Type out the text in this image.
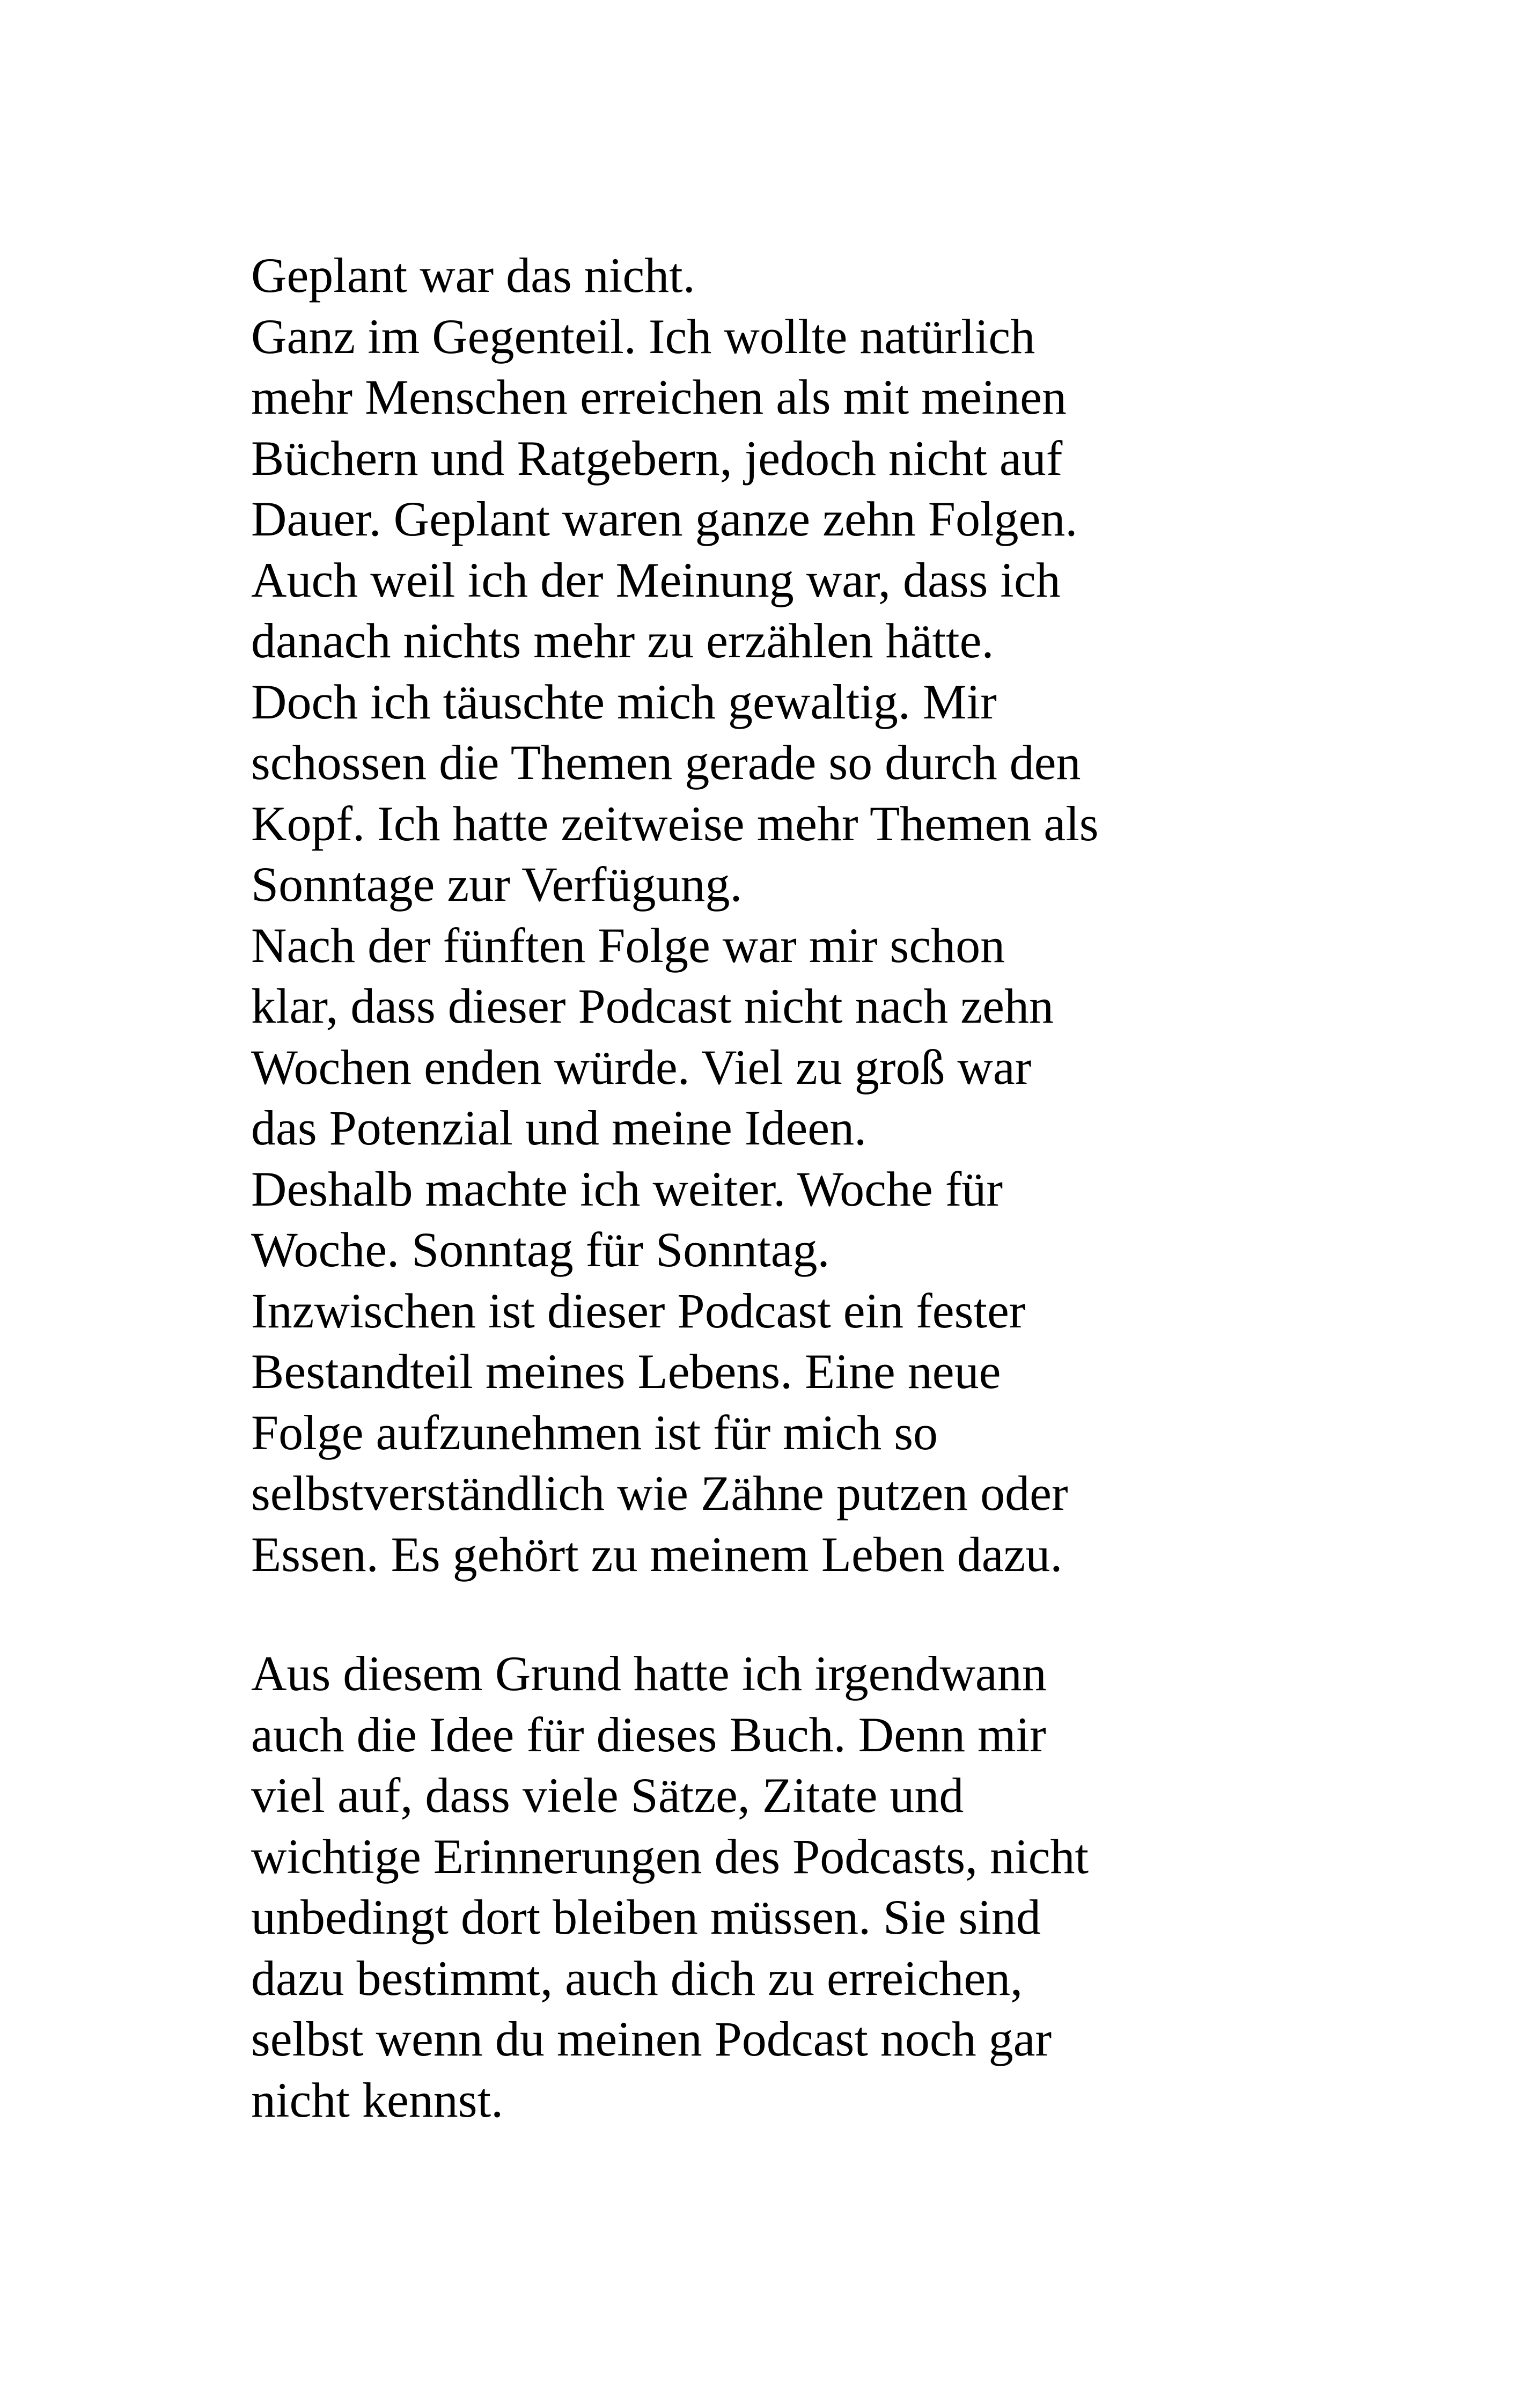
Geplant war das nicht.
Ganz im Gegenteil. Ich wollte natürlich
mehr Menschen erreichen als mit meinen
Büchern und Ratgebern, jedoch nicht auf
Dauer. Geplant waren ganze zehn Folgen.
Auch weil ich der Meinung war, dass ich
danach nichts mehr zu erzählen hätte.
Doch ich täuschte mich gewaltig. Mir
schossen die Themen gerade so durch den
Kopf. Ich hatte zeitweise mehr Themen als
Sonntage zur Verfügung.
Nach der fünften Folge war mir schon
klar, dass dieser Podcast nicht nach zehn
Wochen enden würde. Viel zu groß war
das Potenzial und meine Ideen.
Deshalb machte ich weiter. Woche für
Woche. Sonntag für Sonntag.
Inzwischen ist dieser Podcast ein fester
Bestandteil meines Lebens. Eine neue
Folge aufzunehmen ist für mich so
selbstverständlich wie Zähne putzen oder
Essen. Es gehört zu meinem Leben dazu.
Aus diesem Grund hatte ich irgendwann
auch die Idee für dieses Buch. Denn mir
viel auf, dass viele Sätze, Zitate und
wichtige Erinnerungen des Podcasts, nicht
unbedingt dort bleiben müssen. Sie sind
dazu bestimmt, auch dich zu erreichen,
selbst wenn du meinen Podcast noch gar
nicht kennst.
